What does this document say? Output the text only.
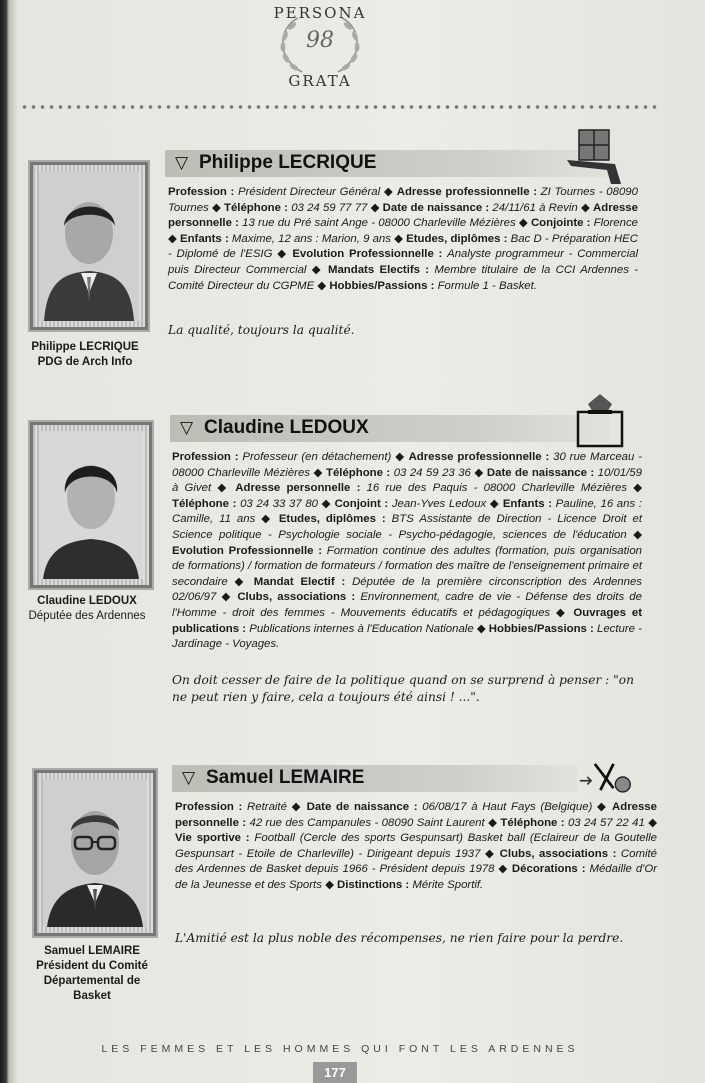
PERSONA
98
GRATA
Philippe LECRIQUE
PDG de Arch Info
▽ Philippe LECRIQUE
Profession : Président Directeur Général ◆ Adresse professionnelle : ZI Tournes - 08090 Tournes ◆ Téléphone : 03 24 59 77 77 ◆ Date de naissance : 24/11/61 à Revin ◆ Adresse personnelle : 13 rue du Pré saint Ange - 08000 Charleville Mézières ◆ Conjointe : Florence ◆ Enfants : Maxime, 12 ans : Marion, 9 ans ◆ Etudes, diplômes : Bac D - Préparation HEC - Diplomé de l'ESIG ◆ Evolution Professionnelle : Analyste programmeur - Commercial puis Directeur Commercial ◆ Mandats Electifs : Membre titulaire de la CCI Ardennes - Comité Directeur du CGPME ◆ Hobbies/Passions : Formule 1 - Basket.
La qualité, toujours la qualité.
Claudine LEDOUX
Députée des Ardennes
▽ Claudine LEDOUX
Profession : Professeur (en détachement) ◆ Adresse professionnelle : 30 rue Marceau - 08000 Charleville Mézières ◆ Téléphone : 03 24 59 23 36 ◆ Date de naissance : 10/01/59 à Givet ◆ Adresse personnelle : 16 rue des Paquis - 08000 Charleville Mézières ◆ Téléphone : 03 24 33 37 80 ◆ Conjoint : Jean-Yves Ledoux ◆ Enfants : Pauline, 16 ans : Camille, 11 ans ◆ Etudes, diplômes : BTS Assistante de Direction - Licence Droit et Science politique - Psychologie sociale - Psycho-pédagogie, sciences de l'éducation ◆ Evolution Professionnelle : Formation continue des adultes (formation, puis organisation de formations) / formation de formateurs / formation des maître de l'enseignement primaire et secondaire ◆ Mandat Electif : Députée de la première circonscription des Ardennes 02/06/97 ◆ Clubs, associations : Environnement, cadre de vie - Défense des droits de l'Homme - droit des femmes - Mouvements éducatifs et pédagogiques ◆ Ouvrages et publications : Publications internes à l'Education Nationale ◆ Hobbies/Passions : Lecture - Jardinage - Voyages.
On doit cesser de faire de la politique quand on se surprend à penser : "on ne peut rien y faire, cela a toujours été ainsi ! ...".
Samuel LEMAIRE
Président du Comité Départemental de Basket
▽ Samuel LEMAIRE
Profession : Retraité ◆ Date de naissance : 06/08/17 à Haut Fays (Belgique) ◆ Adresse personnelle : 42 rue des Campanules - 08090 Saint Laurent ◆ Téléphone : 03 24 57 22 41 ◆ Vie sportive : Football (Cercle des sports Gespunsart) Basket ball (Eclaireur de la Goutelle Gespunsart - Etoile de Charleville) - Dirigeant depuis 1937 ◆ Clubs, associations : Comité des Ardennes de Basket depuis 1966 - Président depuis 1978 ◆ Décorations : Médaille d'Or de la Jeunesse et des Sports ◆ Distinctions : Mérite Sportif.
L'Amitié est la plus noble des récompenses, ne rien faire pour la perdre.
LES FEMMES ET LES HOMMES QUI FONT LES ARDENNES
177
